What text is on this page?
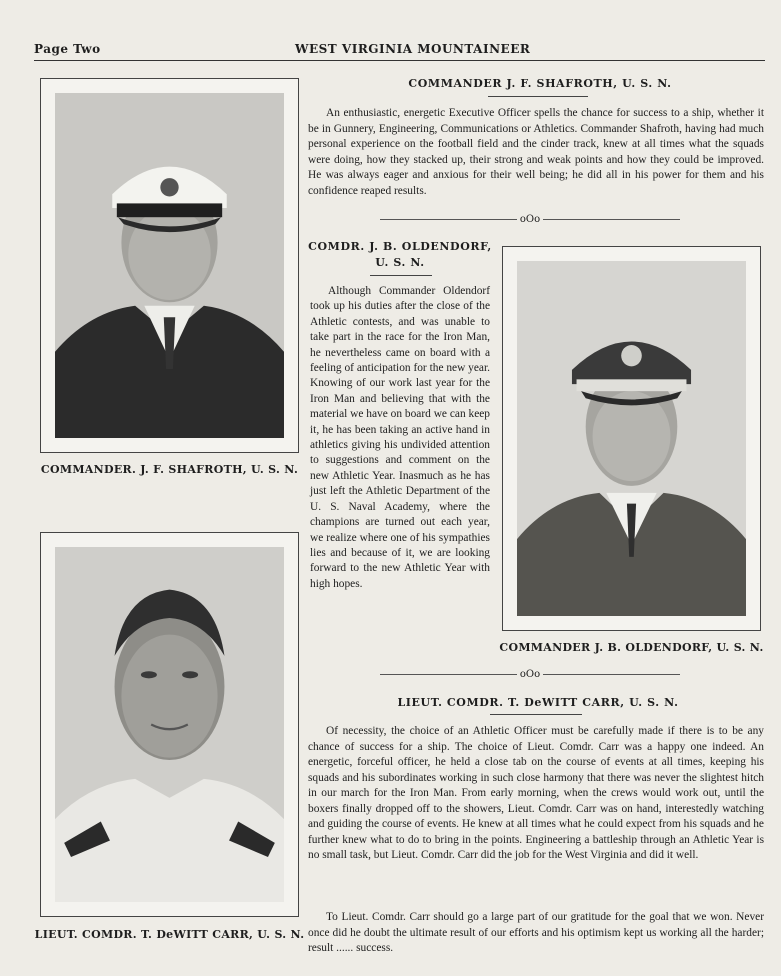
Page Two	WEST VIRGINIA MOUNTAINEER
COMMANDER. J. F. SHAFROTH, U. S. N.
COMMANDER J. B. OLDENDORF, U. S. N.
LIEUT. COMDR. T. DeWITT CARR, U. S. N.
COMMANDER J. F. SHAFROTH, U. S. N.

An enthusiastic, energetic Executive Officer spells the chance for success to a ship, whether it be in Gunnery, Engineering, Communications or Athletics. Commander Shafroth, having had much personal experience on the football field and the cinder track, knew at all times what the squads were doing, how they stacked up, their strong and weak points and how they could be improved. He was always eager and anxious for their well being; he did all in his power for them and his confidence reaped results.

oOo
COMDR. J. B. OLDENDORF,
U. S. N.

Although Commander Oldendorf took up his duties after the close of the Athletic contests, and was unable to take part in the race for the Iron Man, he nevertheless came on board with a feeling of anticipation for the new year. Knowing of our work last year for the Iron Man and believing that with the material we have on board we can keep it, he has been taking an active hand in athletics giving his undivided attention to suggestions and comment on the new Athletic Year. Inasmuch as he has just left the Athletic Department of the U. S. Naval Academy, where the champions are turned out each year, we realize where one of his sympathies lies and because of it, we are looking forward to the new Athletic Year with high hopes.

oOo
LIEUT. COMDR. T. DeWITT CARR, U. S. N.

Of necessity, the choice of an Athletic Officer must be carefully made if there is to be any chance of success for a ship. The choice of Lieut. Comdr. Carr was a happy one indeed. An energetic, forceful officer, he held a close tab on the course of events at all times, keeping his squads and his subordinates working in such close harmony that there was never the slightest hitch in our march for the Iron Man. From early morning, when the crews would work out, until the boxers finally dropped off to the showers, Lieut. Comdr. Carr was on hand, interestedly watching and guiding the course of events. He knew at all times what he could expect from his squads and he further knew what to do to bring in the points. Engineering a battleship through an Athletic Year is no small task, but Lieut. Comdr. Carr did the job for the West Virginia and did it well.

To Lieut. Comdr. Carr should go a large part of our gratitude for the goal that we won. Never once did he doubt the ultimate result of our efforts and his optimism kept us working all the harder; result ...... success.
